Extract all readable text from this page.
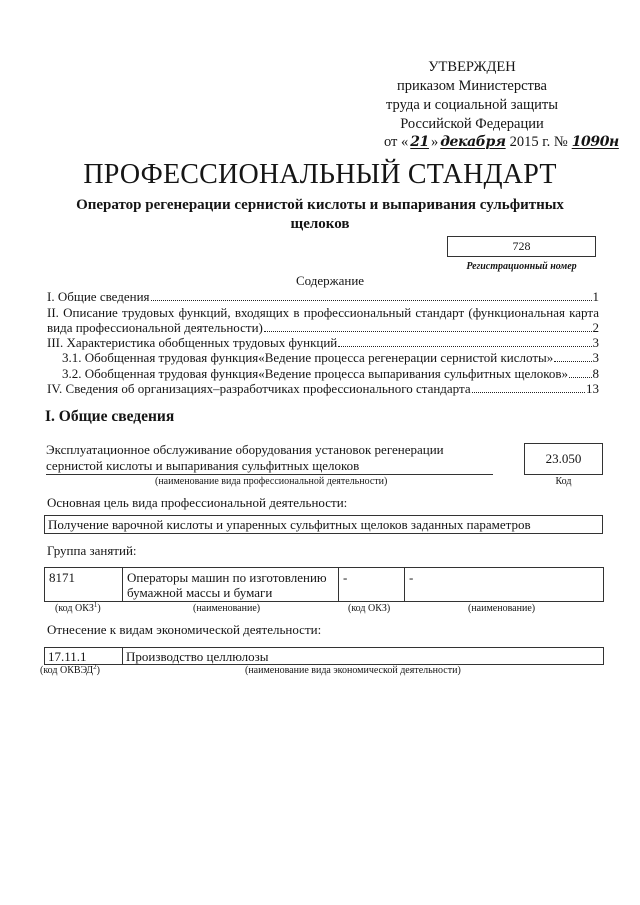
УТВЕРЖДЕН
приказом Министерства
труда и социальной защиты
Российской Федерации
от « 21 » декабря 2015 г. № 1090н
ПРОФЕССИОНАЛЬНЫЙ СТАНДАРТ
Оператор регенерации сернистой кислоты и выпаривания сульфитных
щелоков
728
Регистрационный номер
Содержание
I. Общие сведения	1
II. Описание трудовых функций, входящих в профессиональный стандарт (функциональная карта
вида профессиональной деятельности)	2
III. Характеристика обобщенных трудовых функций	3
3.1. Обобщенная трудовая функция«Ведение процесса регенерации сернистой кислоты»	3
3.2. Обобщенная трудовая функция«Ведение процесса выпаривания сульфитных щелоков» 8
IV. Сведения об организациях–разработчиках профессионального стандарта	13
I. Общие сведения
Эксплуатационное обслуживание оборудования установок регенерации
сернистой кислоты и выпаривания сульфитных щелоков	23.050
(наименование вида профессиональной деятельности)	Код
Основная цель вида профессиональной деятельности:
Получение варочной кислоты и упаренных сульфитных щелоков заданных параметров
Группа занятий:
8171	Операторы машин по изготовлению бумажной массы и бумаги	-	-
(код ОКЗ$^1$)	(наименование)	(код ОКЗ)	(наименование)
Отнесение к видам экономической деятельности:
17.11.1	Производство целлюлозы
(код ОКВЭД$^2$)	(наименование вида экономической деятельности)
